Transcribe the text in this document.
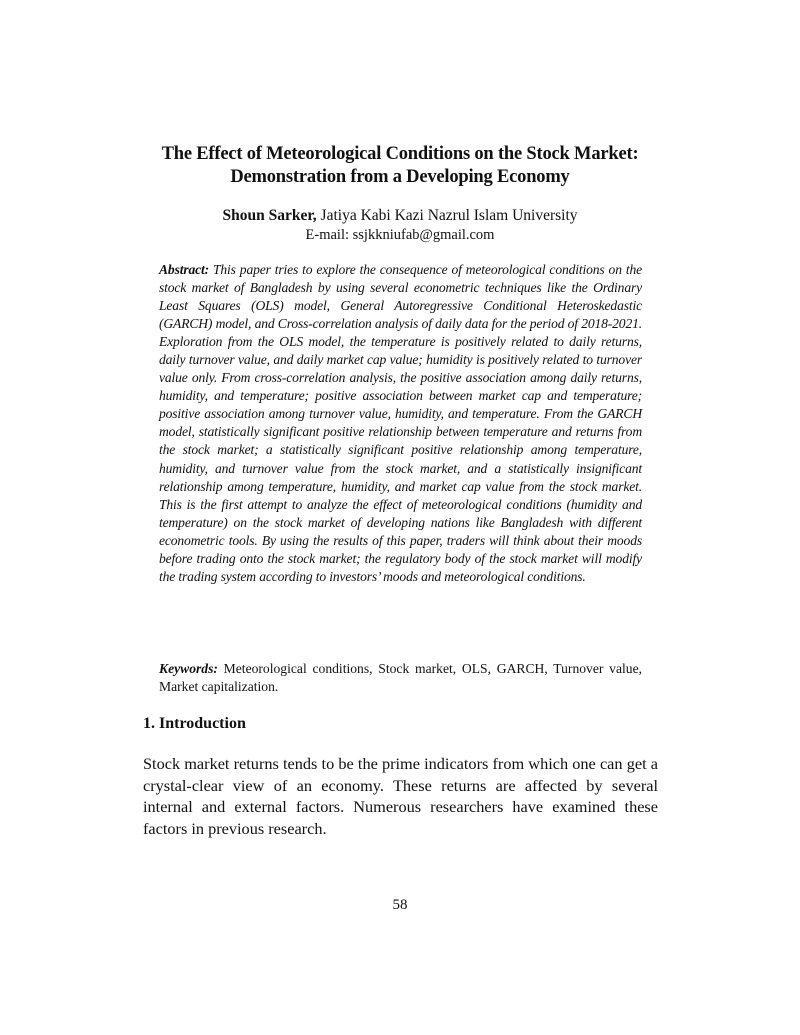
The Effect of Meteorological Conditions on the Stock Market:
Demonstration from a Developing Economy
Shoun Sarker, Jatiya Kabi Kazi Nazrul Islam University
E-mail: ssjkkniufab@gmail.com

Abstract: This paper tries to explore the consequence of meteorological conditions on the stock market of Bangladesh by using several econometric techniques like the Ordinary Least Squares (OLS) model, General Autoregressive Conditional Heteroskedastic (GARCH) model, and Cross-correlation analysis of daily data for the period of 2018-2021. Exploration from the OLS model, the temperature is positively related to daily returns, daily turnover value, and daily market cap value; humidity is positively related to turnover value only. From cross-correlation analysis, the positive association among daily returns, humidity, and temperature; positive association between market cap and temperature; positive association among turnover value, humidity, and temperature. From the GARCH model, statistically significant positive relationship between temperature and returns from the stock market; a statistically significant positive relationship among temperature, humidity, and turnover value from the stock market, and a statistically insignificant relationship among temperature, humidity, and market cap value from the stock market. This is the first attempt to analyze the effect of meteorological conditions (humidity and temperature) on the stock market of developing nations like Bangladesh with different econometric tools. By using the results of this paper, traders will think about their moods before trading onto the stock market; the regulatory body of the stock market will modify the trading system according to investors’ moods and meteorological conditions.

Keywords: Meteorological conditions, Stock market, OLS, GARCH, Turnover value, Market capitalization.

1. Introduction

Stock market returns tends to be the prime indicators from which one can get a crystal-clear view of an economy. These returns are affected by several internal and external factors. Numerous researchers have examined these factors in previous research.

58
